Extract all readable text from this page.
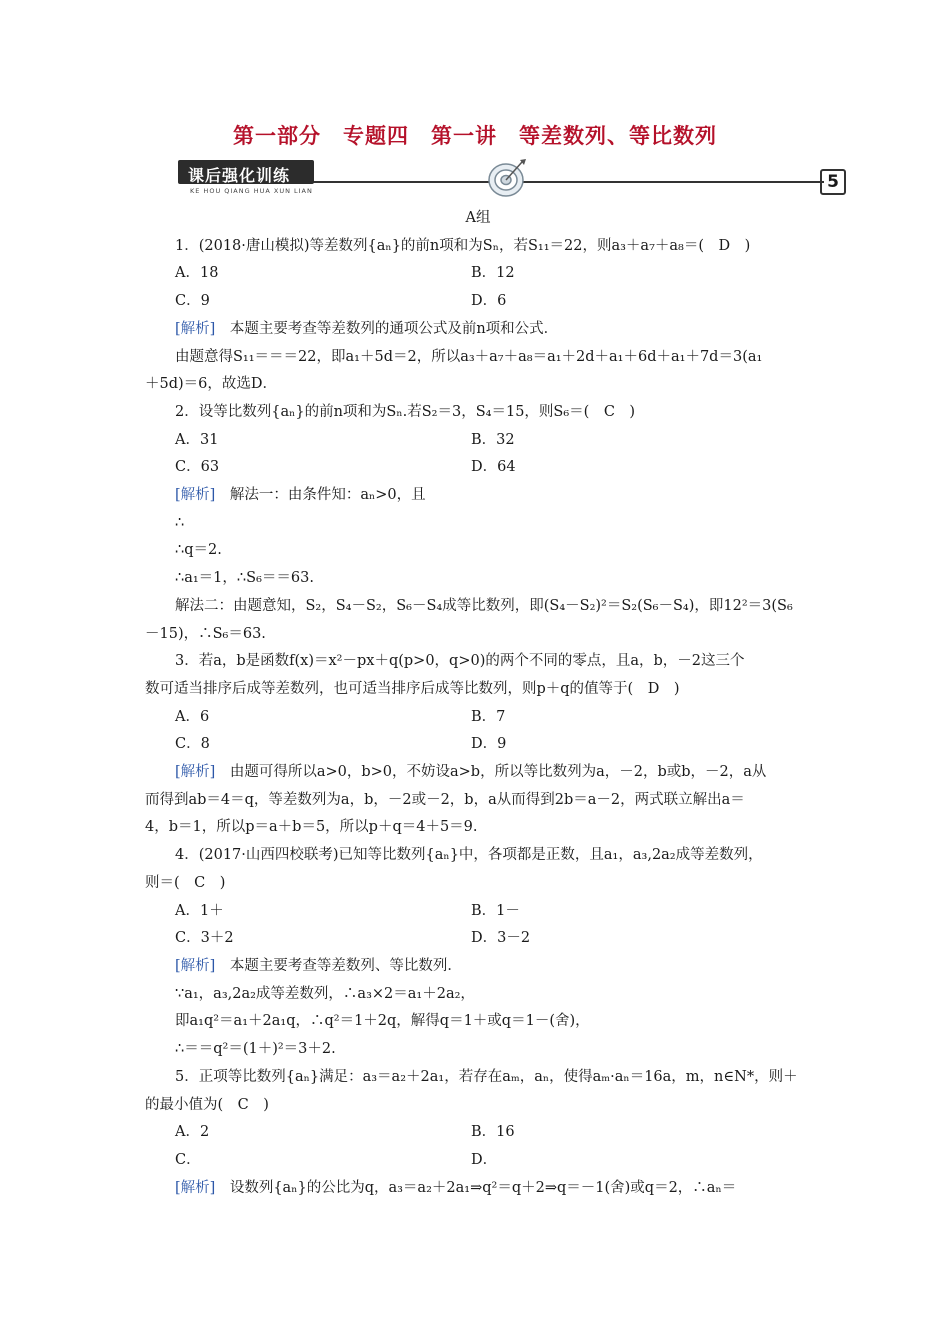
第一部分　专题四　第一讲　等差数列、等比数列
课后强化训练
KE HOU QIANG HUA XUN LIAN	5

A组

1．(2018·唐山模拟)等差数列{aₙ}的前n项和为Sₙ，若S₁₁＝22，则a₃＋a₇＋a₈＝(　D　)

A．18	B．12
C．9	D．6

[解析]　本题主要考查等差数列的通项公式及前n项和公式．

由题意得S₁₁＝＝＝22，即a₁＋5d＝2，所以a₃＋a₇＋a₈＝a₁＋2d＋a₁＋6d＋a₁＋7d＝3(a₁

＋5d)＝6，故选D．

2．设等比数列{aₙ}的前n项和为Sₙ.若S₂＝3，S₄＝15，则S₆＝(　C　)

A．31	B．32
C．63	D．64

[解析]　解法一：由条件知：aₙ>0，且

∴

∴q＝2.

∴a₁＝1，∴S₆＝＝63.

解法二：由题意知，S₂，S₄－S₂，S₆－S₄成等比数列，即(S₄－S₂)²＝S₂(S₆－S₄)，即12²＝3(S₆

－15)，∴S₆＝63.

3．若a，b是函数f(x)＝x²－px＋q(p>0，q>0)的两个不同的零点，且a，b，－2这三个

数可适当排序后成等差数列，也可适当排序后成等比数列，则p＋q的值等于(　D　)

A．6	B．7
C．8	D．9

[解析]　由题可得所以a>0，b>0，不妨设a>b，所以等比数列为a，－2，b或b，－2，a从

而得到ab＝4＝q，等差数列为a，b，－2或－2，b，a从而得到2b＝a－2，两式联立解出a＝

4，b＝1，所以p＝a＋b＝5，所以p＋q＝4＋5＝9.

4．(2017·山西四校联考)已知等比数列{aₙ}中，各项都是正数，且a₁，a₃,2a₂成等差数列，

则＝(　C　)

A．1＋	B．1－
C．3＋2	D．3－2

[解析]　本题主要考查等差数列、等比数列．

∵a₁，a₃,2a₂成等差数列，∴a₃×2＝a₁＋2a₂，

即a₁q²＝a₁＋2a₁q，∴q²＝1＋2q，解得q＝1＋或q＝1－(舍)，

∴＝＝q²＝(1＋)²＝3＋2.

5．正项等比数列{aₙ}满足：a₃＝a₂＋2a₁，若存在aₘ，aₙ，使得aₘ·aₙ＝16a，m，n∈N*，则＋

的最小值为(　C　)

A．2	B．16
C．	D．

[解析]　设数列{aₙ}的公比为q，a₃＝a₂＋2a₁⇒q²＝q＋2⇒q＝－1(舍)或q＝2，∴aₙ＝
